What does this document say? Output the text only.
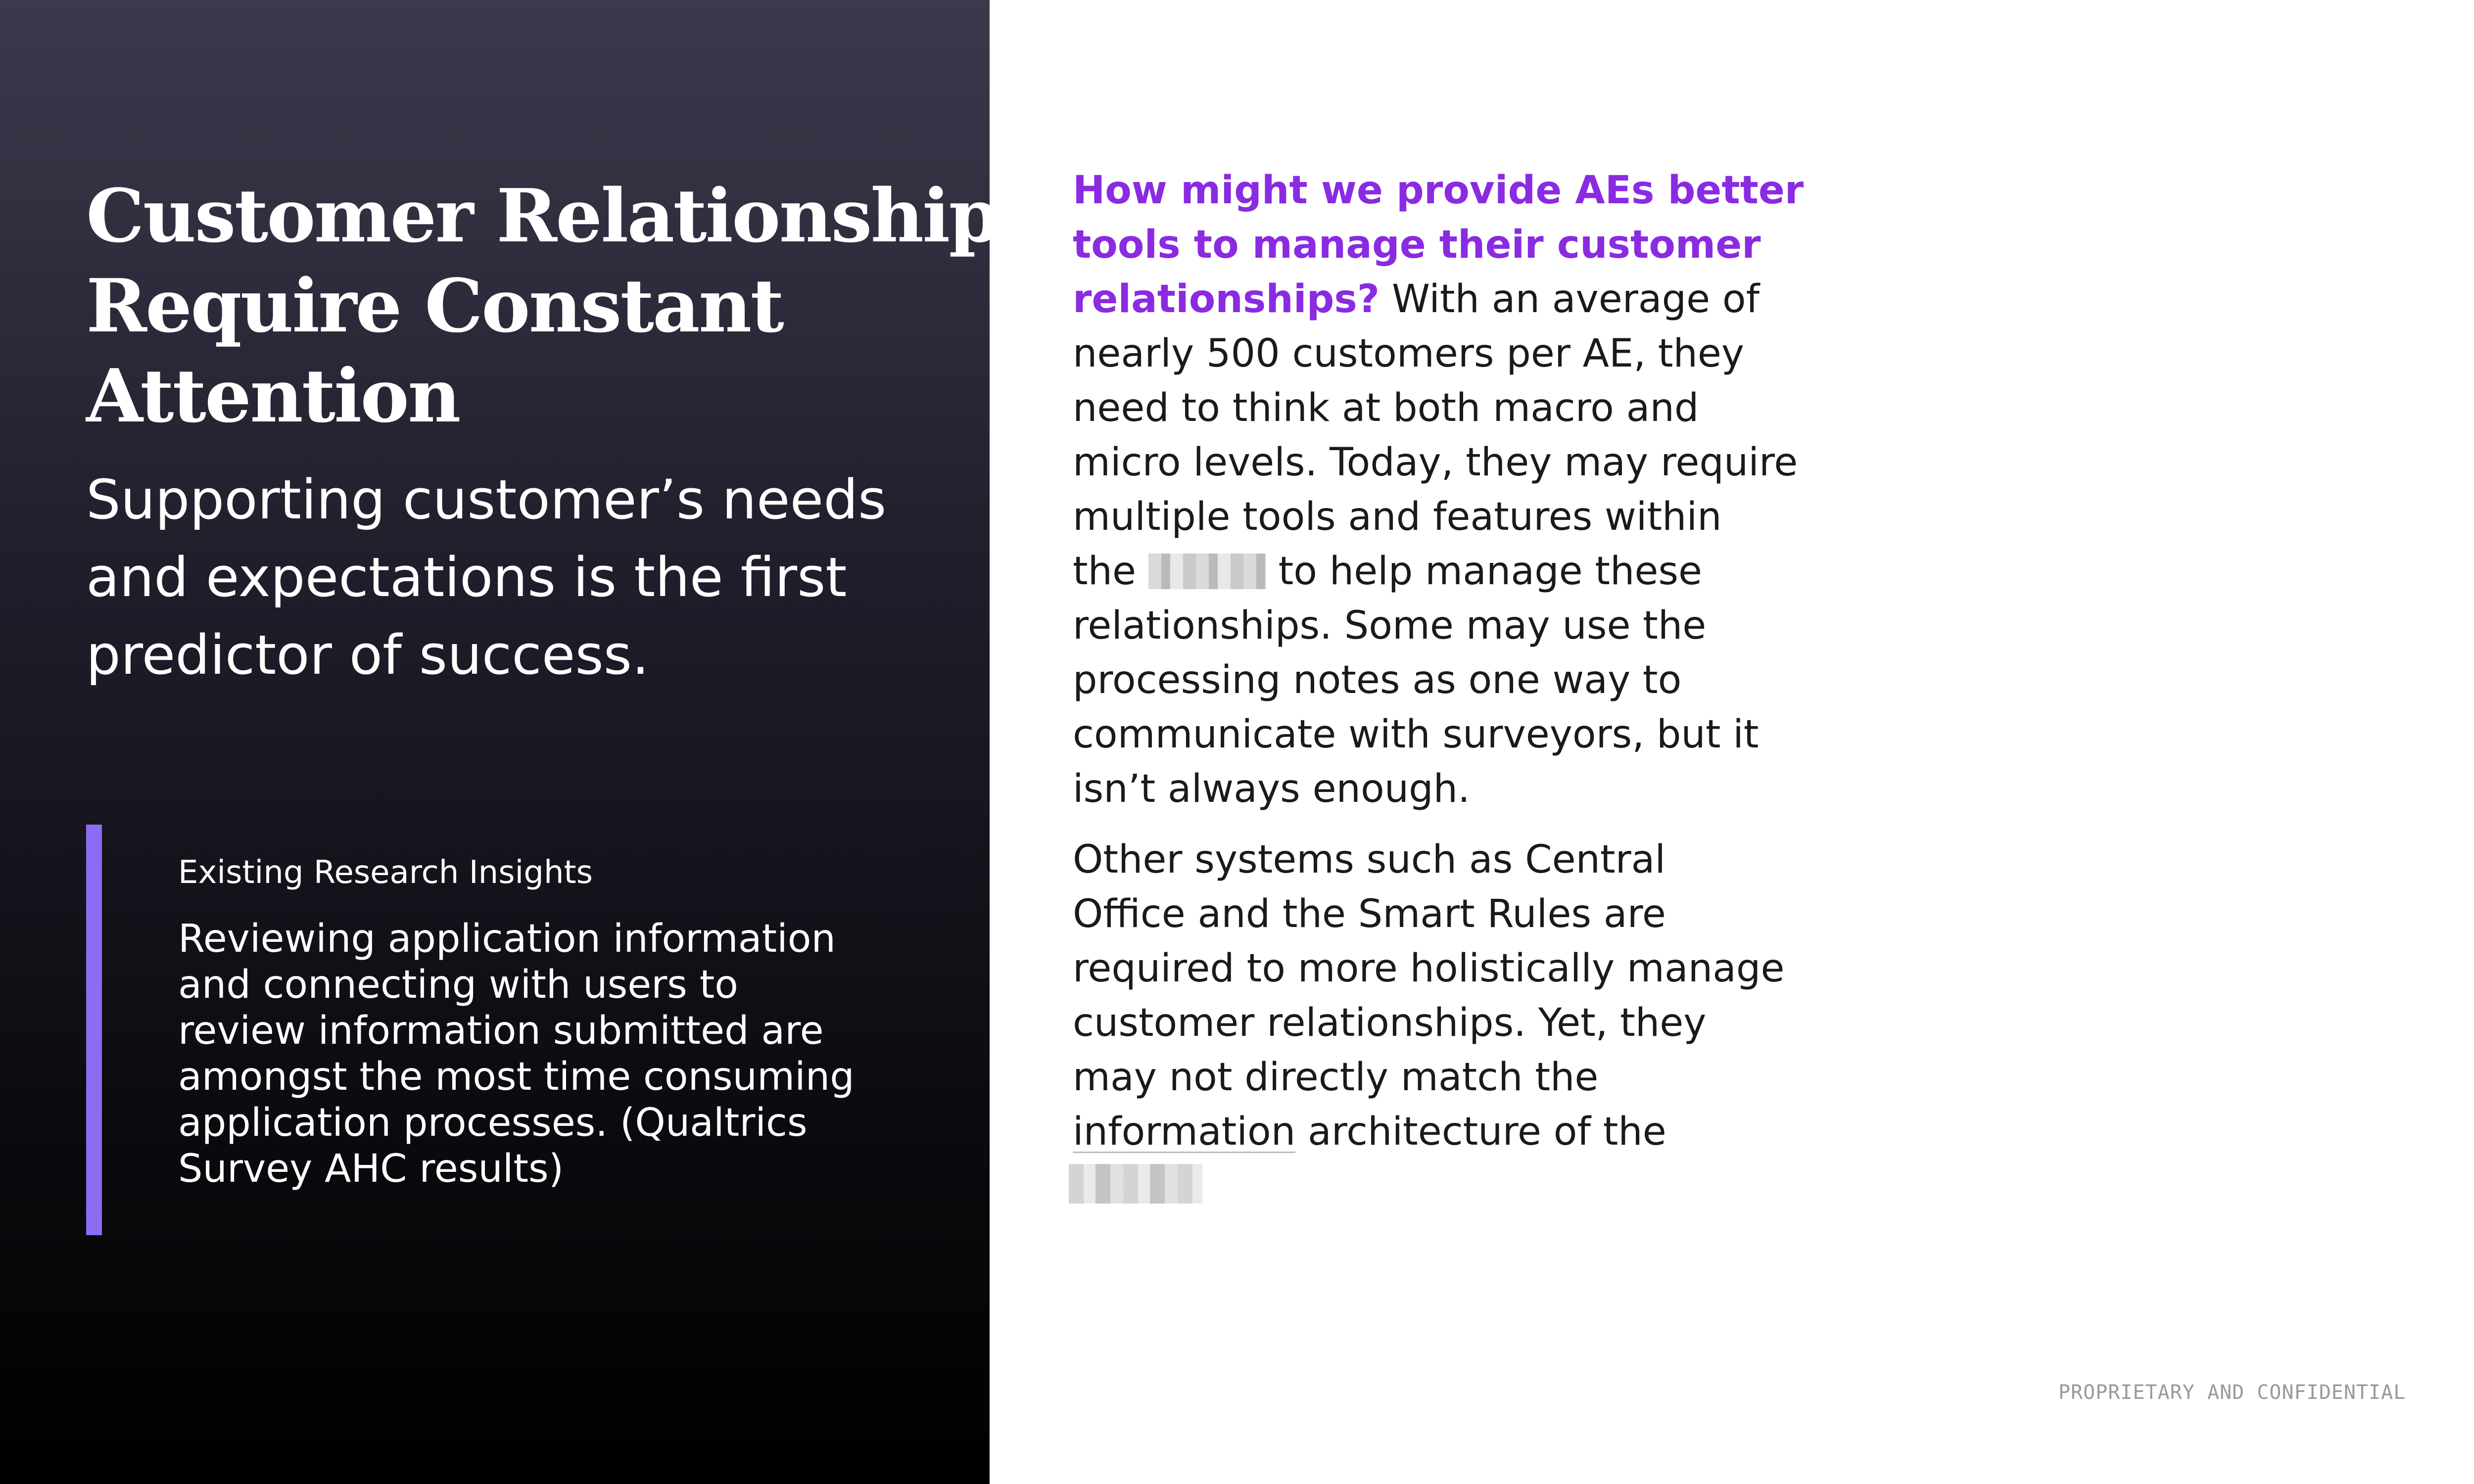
Customer Relationships
Require Constant
Attention

Supporting customer’s needs
and expectations is the first
predictor of success.

Existing Research Insights
Reviewing application information
and connecting with users to
review information submitted are
amongst the most time consuming
application processes. (Qualtrics
Survey AHC results)
How might we provide AEs better
tools to manage their customer
relationships? With an average of
nearly 500 customers per AE, they
need to think at both macro and
micro levels. Today, they may require
multiple tools and features within
the	to help manage these
relationships. Some may use the
processing notes as one way to
communicate with surveyors, but it
isn’t always enough.
Other systems such as Central
Office and the Smart Rules are
required to more holistically manage
customer relationships. Yet, they
may not directly match the
information architecture of the
PROPRIETARY AND CONFIDENTIAL
